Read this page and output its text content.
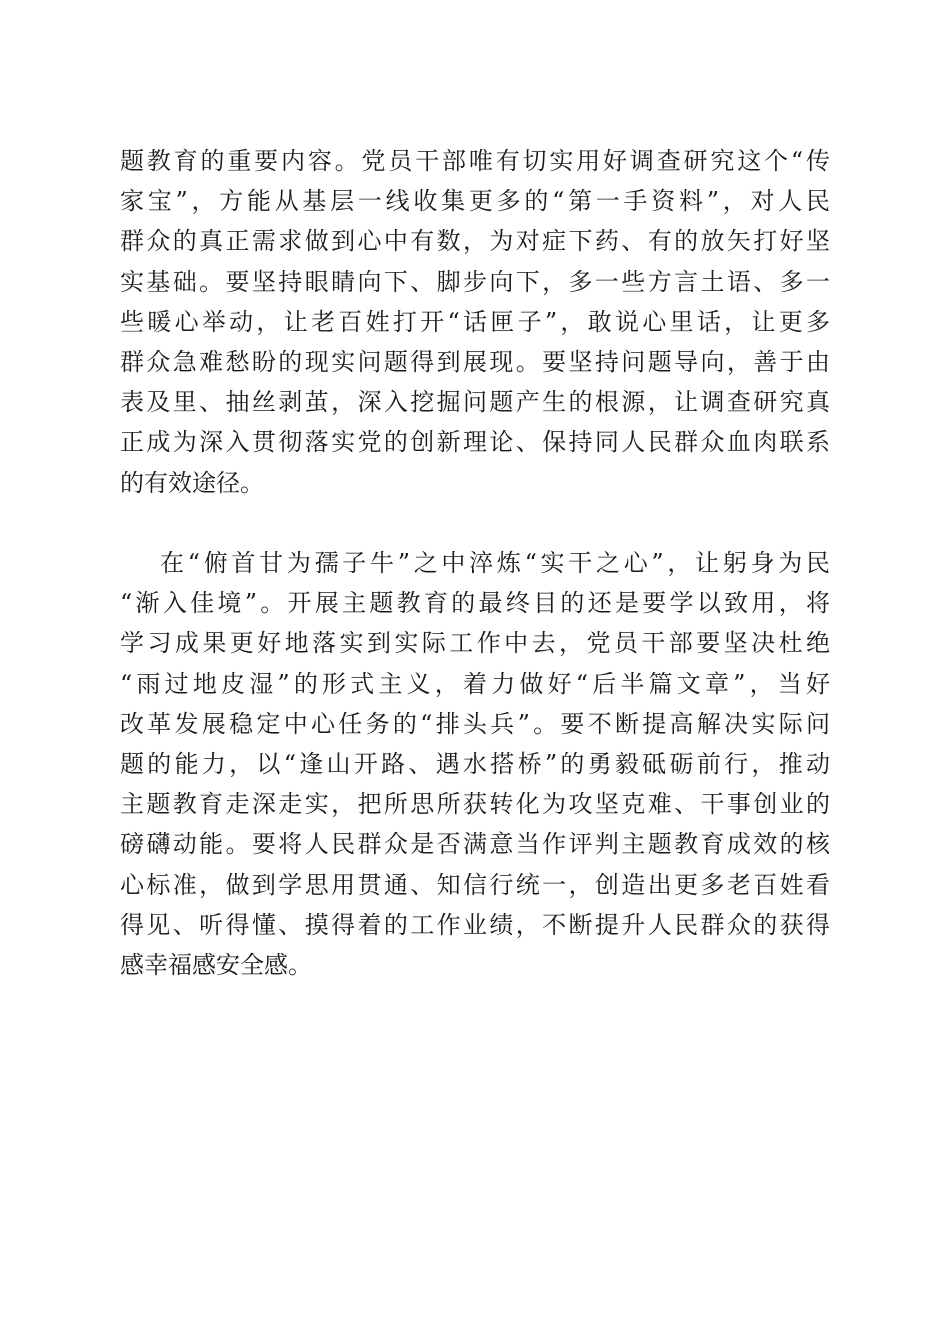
题教育的重要内容。党员干部唯有切实用好调查研究这个“传
家宝”，方能从基层一线收集更多的“第一手资料”，对人民
群众的真正需求做到心中有数，为对症下药、有的放矢打好坚
实基础。要坚持眼睛向下、脚步向下，多一些方言土语、多一
些暖心举动，让老百姓打开“话匣子”，敢说心里话，让更多
群众急难愁盼的现实问题得到展现。要坚持问题导向，善于由
表及里、抽丝剥茧，深入挖掘问题产生的根源，让调查研究真
正成为深入贯彻落实党的创新理论、保持同人民群众血肉联系
的有效途径。
在“俯首甘为孺子牛”之中淬炼“实干之心”，让躬身为民
“渐入佳境”。开展主题教育的最终目的还是要学以致用，将
学习成果更好地落实到实际工作中去，党员干部要坚决杜绝
“雨过地皮湿”的形式主义，着力做好“后半篇文章”，当好
改革发展稳定中心任务的“排头兵”。要不断提高解决实际问
题的能力，以“逢山开路、遇水搭桥”的勇毅砥砺前行，推动
主题教育走深走实，把所思所获转化为攻坚克难、干事创业的
磅礴动能。要将人民群众是否满意当作评判主题教育成效的核
心标准，做到学思用贯通、知信行统一，创造出更多老百姓看
得见、听得懂、摸得着的工作业绩，不断提升人民群众的获得
感幸福感安全感。
